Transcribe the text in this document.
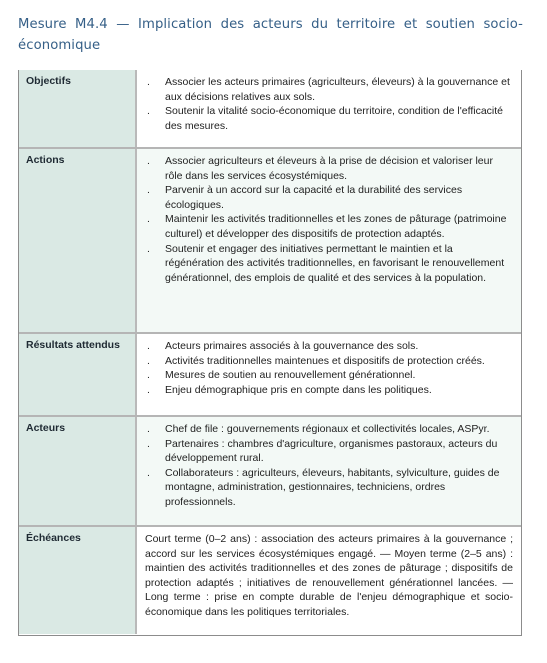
Mesure M4.4 — Implication des acteurs du territoire et soutien socio-économique
Objectifs	.	Associer les acteurs primaires (agriculteurs, éleveurs) à la gouvernance et aux décisions relatives aux sols.
.	Soutenir la vitalité socio-économique du territoire, condition de l'efficacité des mesures.
Actions	.	Associer agriculteurs et éleveurs à la prise de décision et valoriser leur rôle dans les services écosystémiques.
.	Parvenir à un accord sur la capacité et la durabilité des services écologiques.
.	Maintenir les activités traditionnelles et les zones de pâturage (patrimoine culturel) et développer des dispositifs de protection adaptés.
.	Soutenir et engager des initiatives permettant le maintien et la régénération des activités traditionnelles, en favorisant le renouvellement générationnel, des emplois de qualité et des services à la population.
Résultats attendus	.	Acteurs primaires associés à la gouvernance des sols.
.	Activités traditionnelles maintenues et dispositifs de protection créés.
.	Mesures de soutien au renouvellement générationnel.
.	Enjeu démographique pris en compte dans les politiques.
Acteurs	.	Chef de file : gouvernements régionaux et collectivités locales, ASPyr.
.	Partenaires : chambres d'agriculture, organismes pastoraux, acteurs du développement rural.
.	Collaborateurs : agriculteurs, éleveurs, habitants, sylviculture, guides de montagne, administration, gestionnaires, techniciens, ordres professionnels.
Échéances	Court terme (0–2 ans) : association des acteurs primaires à la gouvernance ; accord sur les services écosystémiques engagé. — Moyen terme (2–5 ans) : maintien des activités traditionnelles et des zones de pâturage ; dispositifs de protection adaptés ; initiatives de renouvellement générationnel lancées. — Long terme : prise en compte durable de l'enjeu démographique et socio-économique dans les politiques territoriales.
